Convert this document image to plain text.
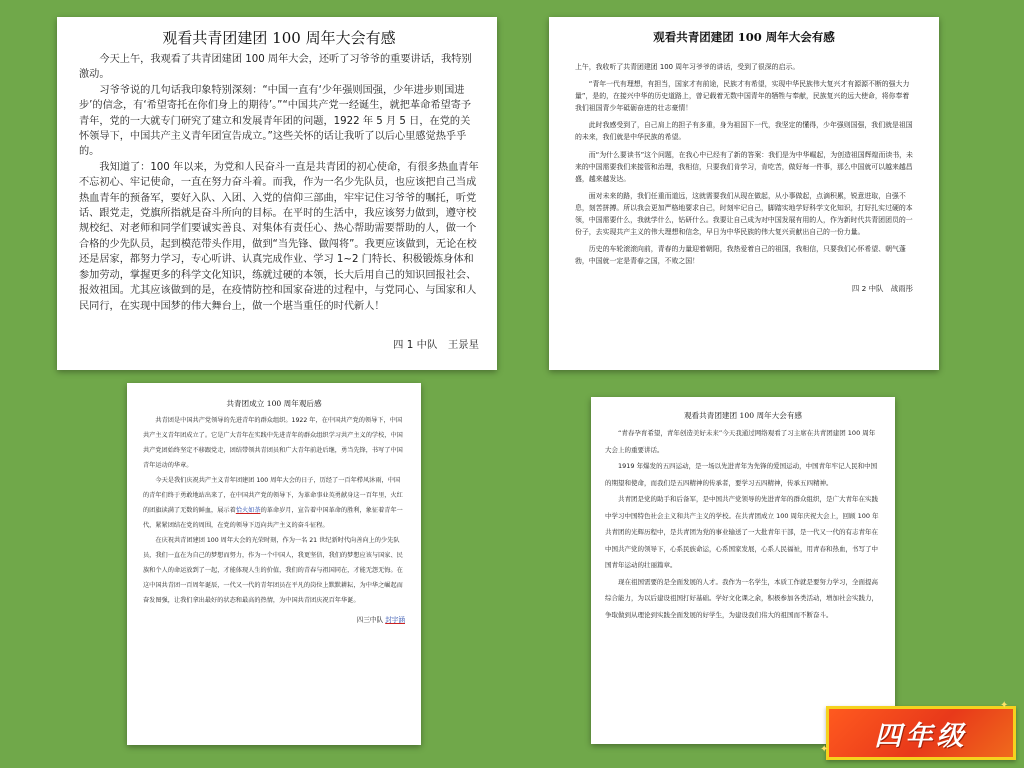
观看共青团建团 100 周年大会有感

今天上午，我观看了共青团建团 100 周年大会，还听了习爷爷的重要讲话，我特别激动。

习爷爷说的几句话我印象特别深刻：“中国一直有‘少年强则国强，少年进步则国进步’的信念，有‘希望寄托在你们身上的期待’。”“中国共产党一经诞生，就把革命希望寄予青年，党的一大就专门研究了建立和发展青年团的问题，1922 年 5 月 5 日，在党的关怀领导下，中国共产主义青年团宣告成立。”这些关怀的话让我听了以后心里感觉热乎乎的。

我知道了：100 年以来，为党和人民奋斗一直是共青团的初心使命，有很多热血青年不忘初心、牢记使命，一直在努力奋斗着。而我，作为一名少先队员，也应该把自己当成热血青年的预备军，要好入队、入团、入党的信仰三部曲，牢牢记住习爷爷的嘱托，听党话、跟党走，党旗所指就是奋斗所向的目标。在平时的生活中，我应该努力做到，遵守校规校纪、对老师和同学们要诚实善良、对集体有责任心、热心帮助需要帮助的人，做一个合格的少先队员，起到模范带头作用，做到“当先锋、做闯将”。我更应该做到，无论在校还是居家，都努力学习，专心听讲、认真完成作业、学习 1~2 门特长、积极锻炼身体和参加劳动，掌握更多的科学文化知识，练就过硬的本领，长大后用自己的知识回报社会、报效祖国。尤其应该做到的是，在疫情防控和国家奋进的过程中，与党同心、与国家和人民同行，在实现中国梦的伟大舞台上，做一个堪当重任的时代新人！

四 1 中队　王景星
观看共青团建团 100 周年大会有感

上午，我收听了共青团建团 100 周年习爷爷的讲话，受到了很深的启示。

“青年一代有理想，有担当，国家才有前途，民族才有希望，实现中华民族伟大复兴才有源源不断的强大力量”，是的，在接兴中华的历史道路上，曾记载着无数中国青年的牺牲与奉献，民族复兴的远大使命，将你奉着我们祖国青少年砥砺奋进的壮志豪情！

此时我感受到了，自己肩上的担子有多重，身为祖国下一代，我坚定的懂得，少年强则国强，我们就是祖国的未来，我们就是中华民族的希望。

而“为什么要读书”这个问题，在我心中已经有了新的答案：我们是为中华崛起，为创造祖国辉煌而读书，未来的中国需要我们来接管和治理，我相信，只要我们肯学习，肯吃苦，做好每一件事，那么中国就可以越来越昌盛，越来越发达。

面对未来的路，我们任重而道远，这就需要我们从现在做起，从小事做起，点滴积累，锐意进取，自强不息，刻苦拼搏。所以我会更加严格地要求自己，时刻牢记自己，脚踏实地学好科学文化知识，打好扎实过硬的本领，中国需要什么，我就学什么，钻研什么。我要让自己成为对中国发展有用的人，作为新时代共青团团员的一份子，去实现共产主义的伟大理想和信念，早日为中华民族的伟大复兴贡献出自己的一份力量。

历史的车轮滚滚向前，青春的力量迎着朝阳，我热爱着自己的祖国，我相信，只要我们心怀希望、朝气蓬勃，中国就一定是青春之国，不败之国！

四 2 中队　战雨彤
共青团成立 100 周年观后感

共青团是中国共产党领导的先进青年的群众组织。1922 年，在中国共产党的领导下，中国共产主义青年团成立了。它是广大青年在实践中先进青年的群众组织学习共产主义的学校，中国共产党团始终坚定不移跟党走，团结带领共青团员和广大青年前赴后继，勇当先锋，书写了中国青年运动的华章。

今天是我们庆祝共产主义青年团建团 100 周年大会的日子，历经了一百年栉风沐雨，中国的青年们终于勇敢地站出来了，在中国共产党的领导下，为革命事业英勇献身这一百年里，火红的团旗读满了无数的鲜血，展示着恰火如荼的革命岁月，宣告着中国革命的胜利，象征着青年一代，紧紧团结在党的周围，在党的领导下迈向共产主义的奋斗征程。

在庆祝共青团建团 100 周年大会的光荣时刻，作为一名 21 世纪新时代向善向上的少先队员，我们一直在为自己的梦想而努力，作为一个中国人，我更坚信，我们的梦想应该与国家、民族和个人的命运放到了一起，才能体现人生的价值，我们的青春与祖国同在，才能无怨无悔。在这中国共青团一百周年诞辰，一代又一代的青年团员在平凡的岗位上默默耕耘，为中华之崛起而奋发图强，让我们拿出最好的状态和最高的热情，为中国共青团庆祝百年华诞。

四三中队 封宇涵
观看共青团建团 100 周年大会有感

“青春孕育希望，青年创造美好未来”今天我通过网络观看了习主席在共青团建团 100 周年大会上的重要讲话。

1919 年爆发的五四运动，是一场以先进青年为先锋的爱国运动，中国青年牢记人民和中国的期望和使命，而我们是五四精神的传承者，要学习五四精神，传承五四精神。

共青团是党的助手和后备军，是中国共产党领导的先进青年的群众组织，是广大青年在实践中学习中国特色社会主义和共产主义的学校。在共青团成立 100 周年庆祝大会上，回顾 100 年共青团的光辉历程中，是共青团为党的事业输送了一大批青年干部，是一代又一代的有志青年在中国共产党的领导下，心系民族命运，心系国家发展，心系人民福祉，用青春和热血，书写了中国青年运动的壮丽篇章。

现在祖国需要的是全面发展的人才。我作为一名学生，本质工作就是要努力学习，全面提高综合能力，为以后建设祖国打好基础。学好文化课之余，积极参加各类活动，增加社会实践力，争取做到从理论到实践全面发展的好学生，为建设我们伟大的祖国而不断奋斗。

四年级
✦
✦
